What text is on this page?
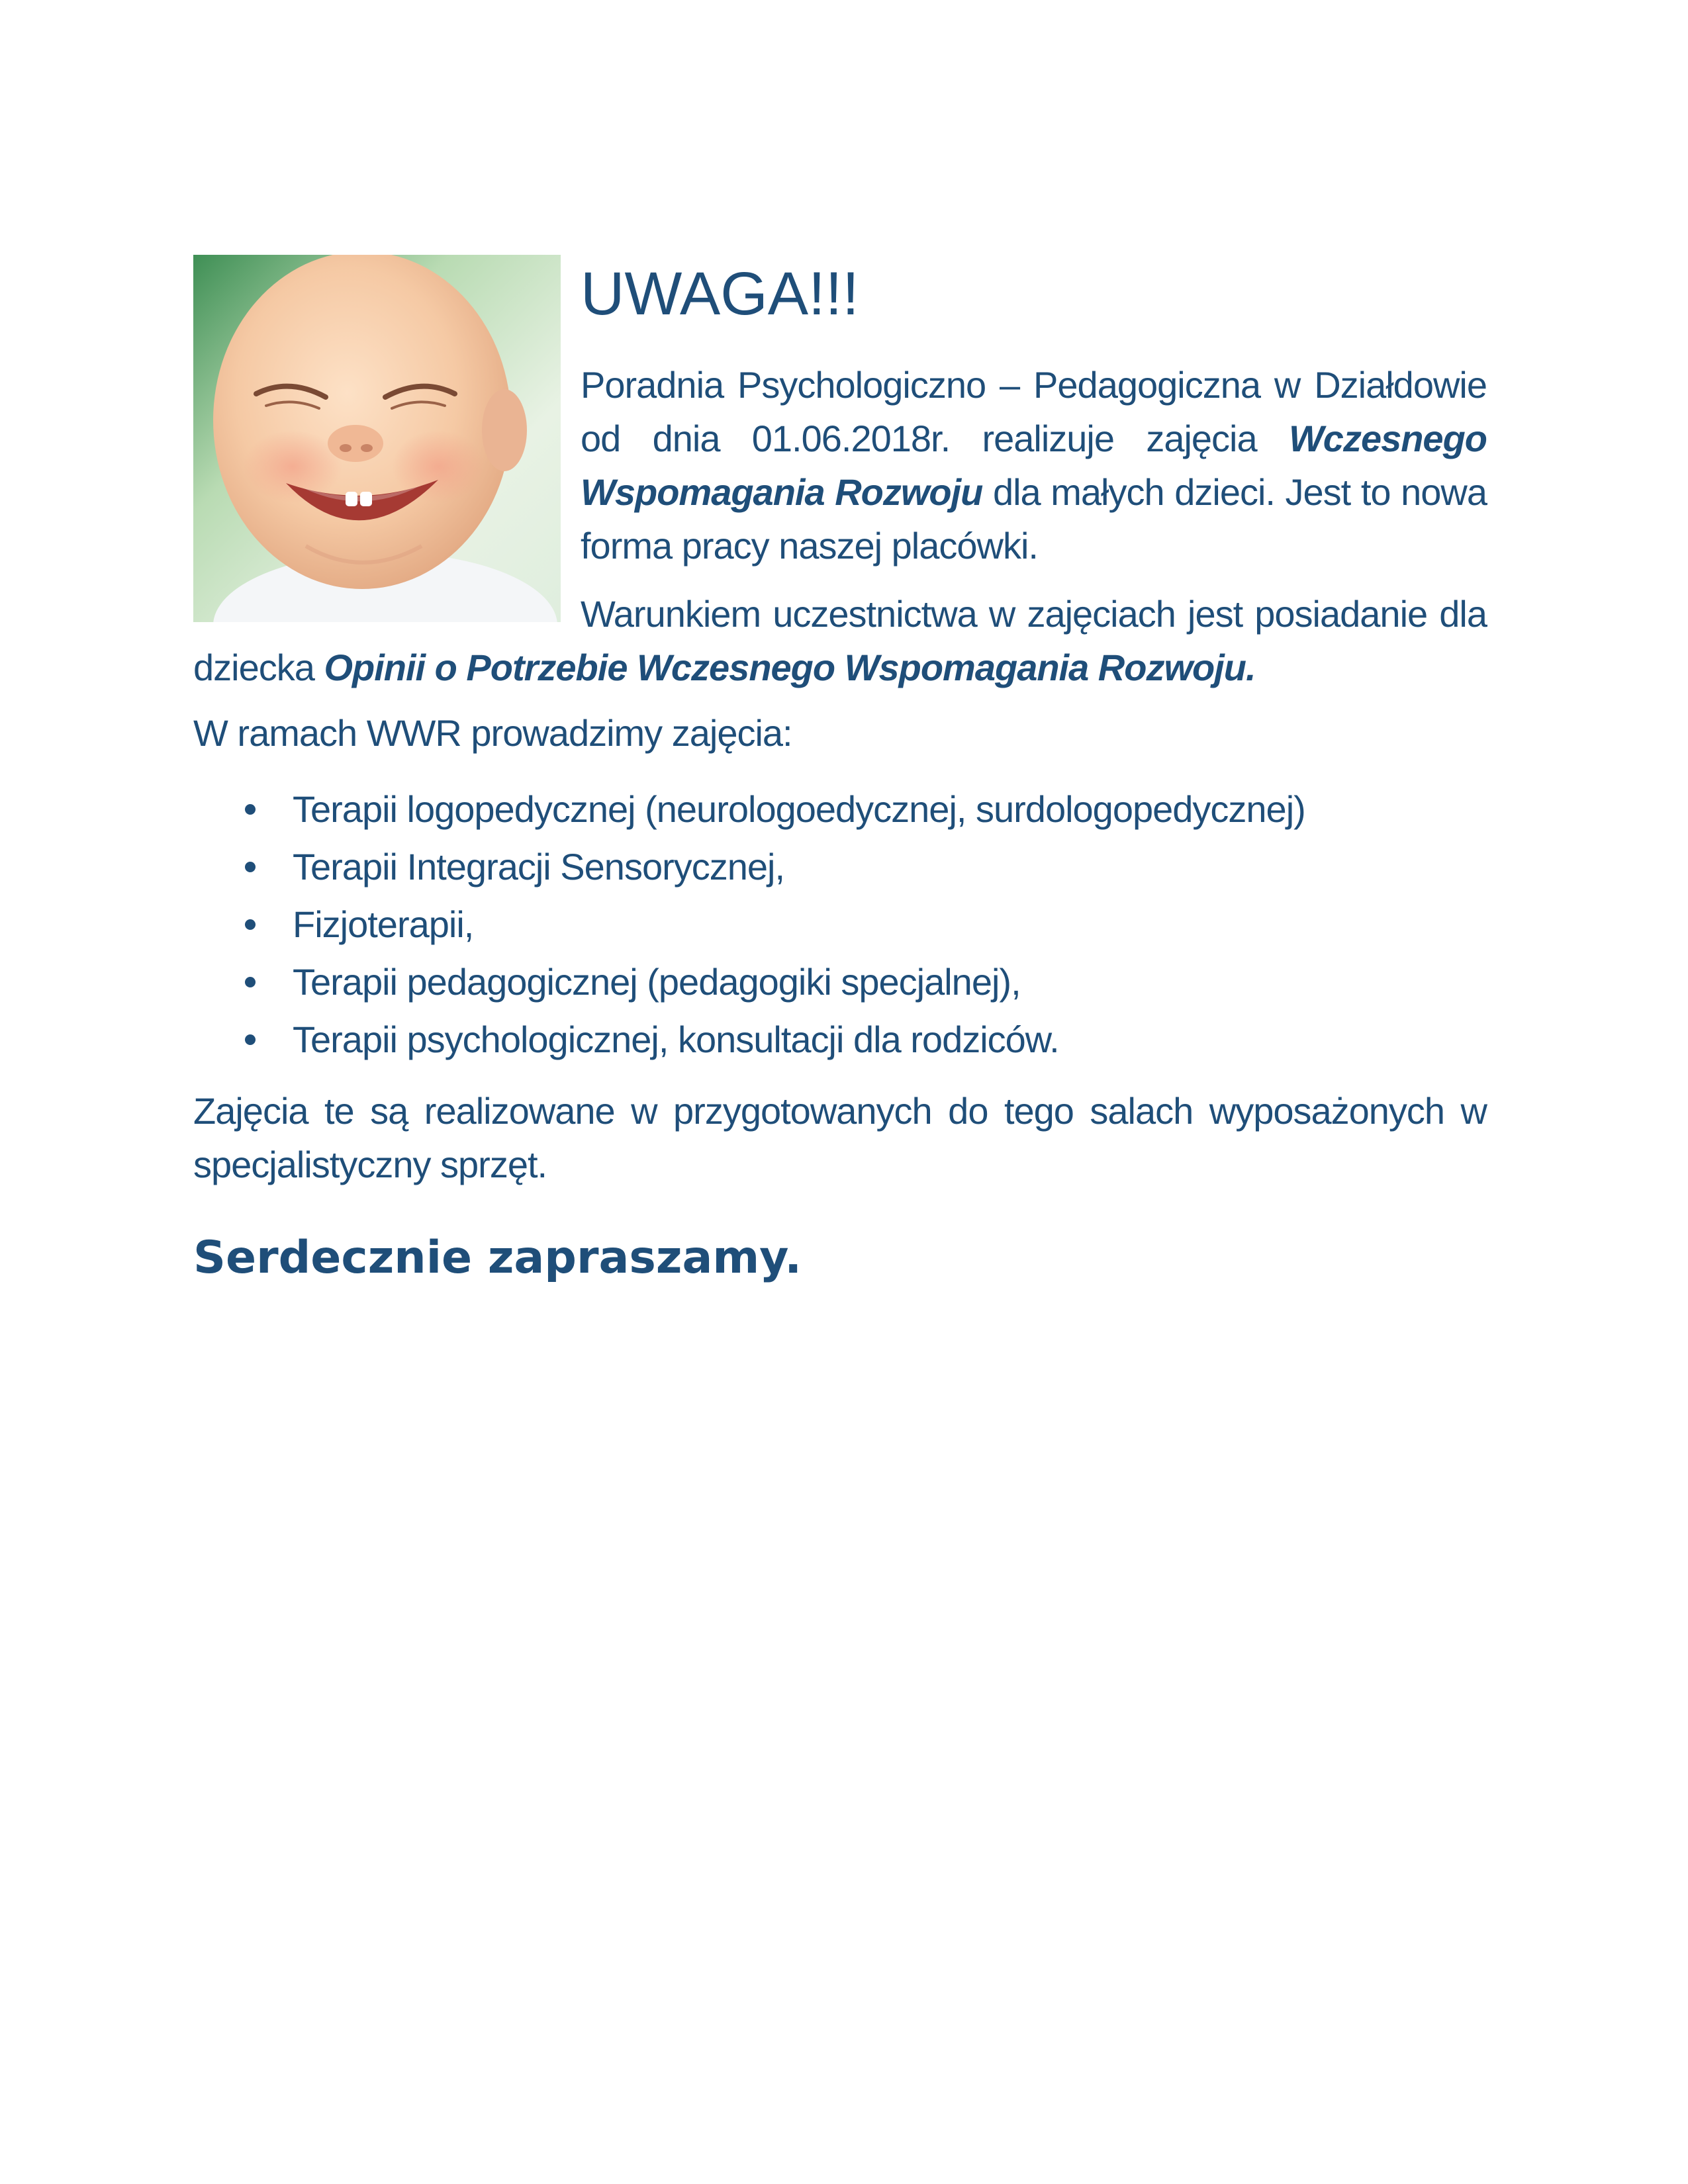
UWAGA!!!

Poradnia Psychologiczno – Pedagogiczna w Działdowie od dnia 01.06.2018r. realizuje zajęcia Wczesnego Wspomagania Rozwoju dla małych dzieci. Jest to nowa forma pracy naszej placówki.

Warunkiem uczestnictwa w zajęciach jest posiadanie dla dziecka Opinii o Potrzebie Wczesnego Wspomagania Rozwoju.

W ramach WWR prowadzimy zajęcia:

Terapii logopedycznej (neurologoedycznej, surdologopedycznej)
Terapii Integracji Sensorycznej,
Fizjoterapii,
Terapii pedagogicznej (pedagogiki specjalnej),
Terapii psychologicznej, konsultacji dla rodziców.

Zajęcia te są realizowane w przygotowanych do tego salach wyposażonych w specjalistyczny sprzęt.

Serdecznie zapraszamy.
